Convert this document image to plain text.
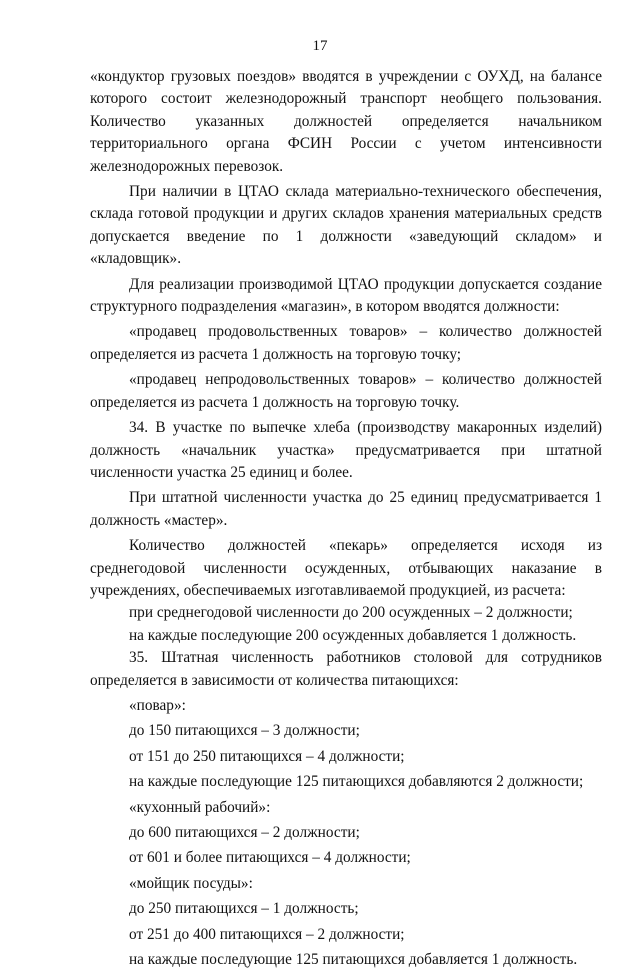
17

«кондуктор грузовых поездов» вводятся в учреждении с ОУХД, на балансе которого состоит железнодорожный транспорт необщего пользования. Количество указанных должностей определяется начальником территориального органа ФСИН России с учетом интенсивности железнодорожных перевозок.

При наличии в ЦТАО склада материально-технического обеспечения, склада готовой продукции и других складов хранения материальных средств допускается введение по 1 должности «заведующий складом» и «кладовщик».

Для реализации производимой ЦТАО продукции допускается создание структурного подразделения «магазин», в котором вводятся должности:

«продавец продовольственных товаров» – количество должностей определяется из расчета 1 должность на торговую точку;

«продавец непродовольственных товаров» – количество должностей определяется из расчета 1 должность на торговую точку.

34. В участке по выпечке хлеба (производству макаронных изделий) должность «начальник участка» предусматривается при штатной численности участка 25 единиц и более.

При штатной численности участка до 25 единиц предусматривается 1 должность «мастер».

Количество должностей «пекарь» определяется исходя из среднегодовой численности осужденных, отбывающих наказание в учреждениях, обеспечиваемых изготавливаемой продукцией, из расчета:

при среднегодовой численности до 200 осужденных – 2 должности;

на каждые последующие 200 осужденных добавляется 1 должность.

35. Штатная численность работников столовой для сотрудников определяется в зависимости от количества питающихся:

«повар»:

до 150 питающихся – 3 должности;

от 151 до 250 питающихся – 4 должности;

на каждые последующие 125 питающихся добавляются 2 должности;

«кухонный рабочий»:

до 600 питающихся – 2 должности;

от 601 и более питающихся – 4 должности;

«мойщик посуды»:

до 250 питающихся – 1 должность;

от 251 до 400 питающихся – 2 должности;

на каждые последующие 125 питающихся добавляется 1 должность.
